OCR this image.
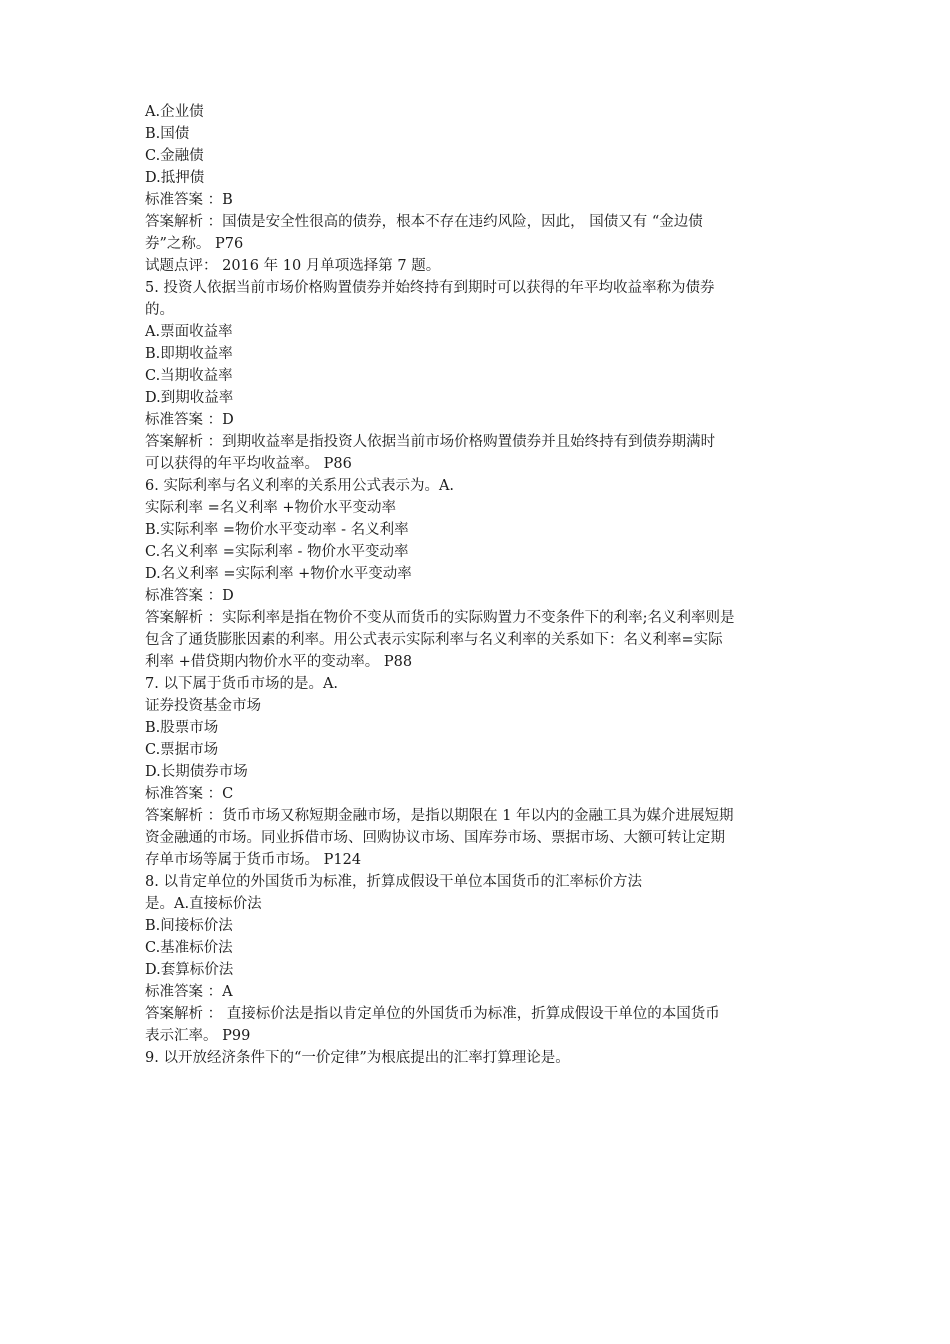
A.企业债
B.国债
C.金融债
D.抵押债
标准答案 ：B
答案解析 ：国债是安全性很高的债券，根本不存在违约风险，因此， 国债又有 “金边债
券”之称。 P76
试题点评： 2016 年 10 月单项选择第 7 题。
5. 投资人依据当前市场价格购置债券并始终持有到期时可以获得的年平均收益率称为债券
的。
A.票面收益率
B.即期收益率
C.当期收益率
D.到期收益率
标准答案 ：D
答案解析 ：到期收益率是指投资人依据当前市场价格购置债券并且始终持有到债券期满时
可以获得的年平均收益率。 P86
6. 实际利率与名义利率的关系用公式表示为。A.
实际利率 =名义利率 +物价水平变动率
B.实际利率 =物价水平变动率 - 名义利率
C.名义利率 =实际利率 - 物价水平变动率
D.名义利率 =实际利率 +物价水平变动率
标准答案 ：D
答案解析 ：实际利率是指在物价不变从而货币的实际购置力不变条件下的利率;名义利率则是
包含了通货膨胀因素的利率。用公式表示实际利率与名义利率的关系如下：名义利率=实际
利率 +借贷期内物价水平的变动率。 P88
7. 以下属于货币市场的是。A.
证券投资基金市场
B.股票市场
C.票据市场
D.长期债券市场
标准答案 ：C
答案解析 ：货币市场又称短期金融市场，是指以期限在 1 年以内的金融工具为媒介进展短期
资金融通的市场。同业拆借市场、回购协议市场、国库券市场、票据市场、大额可转让定期
存单市场等属于货币市场。 P124
8. 以肯定单位的外国货币为标准，折算成假设干单位本国货币的汇率标价方法
是。A.直接标价法
B.间接标价法
C.基准标价法
D.套算标价法
标准答案 ：A
答案解析 ： 直接标价法是指以肯定单位的外国货币为标准，折算成假设干单位的本国货币
表示汇率。 P99
9. 以开放经济条件下的“一价定律”为根底提出的汇率打算理论是。
